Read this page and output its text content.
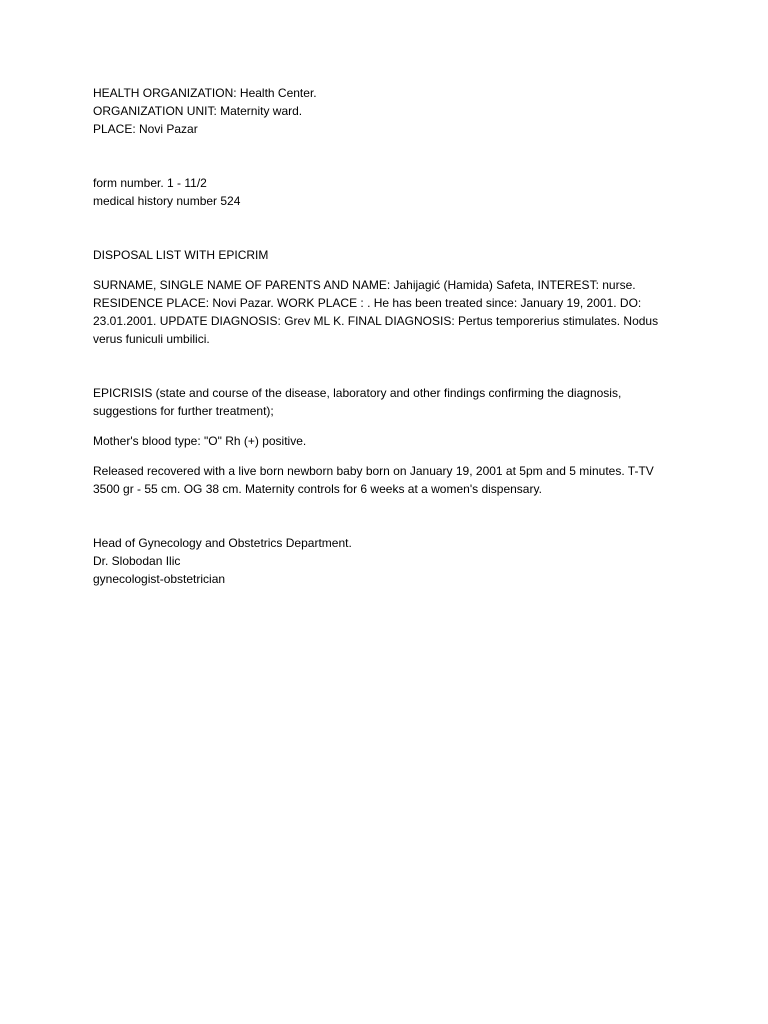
HEALTH ORGANIZATION: Health Center.
ORGANIZATION UNIT: Maternity ward.
PLACE: Novi Pazar
form number. 1 - 11/2
medical history number 524
DISPOSAL LIST WITH EPICRIM
SURNAME, SINGLE NAME OF PARENTS AND NAME: Jahijagić (Hamida) Safeta, INTEREST: nurse. RESIDENCE PLACE: Novi Pazar. WORK PLACE : . He has been treated since: January 19, 2001. DO: 23.01.2001. UPDATE DIAGNOSIS: Grev ML K. FINAL DIAGNOSIS: Pertus temporerius stimulates. Nodus verus funiculi umbilici.
EPICRISIS (state and course of the disease, laboratory and other findings confirming the diagnosis, suggestions for further treatment);
Mother's blood type: "O" Rh (+) positive.
Released recovered with a live born newborn baby born on January 19, 2001 at 5pm and 5 minutes. T-TV 3500 gr - 55 cm. OG 38 cm. Maternity controls for 6 weeks at a women's dispensary.
Head of Gynecology and Obstetrics Department.
Dr. Slobodan Ilic
gynecologist-obstetrician
